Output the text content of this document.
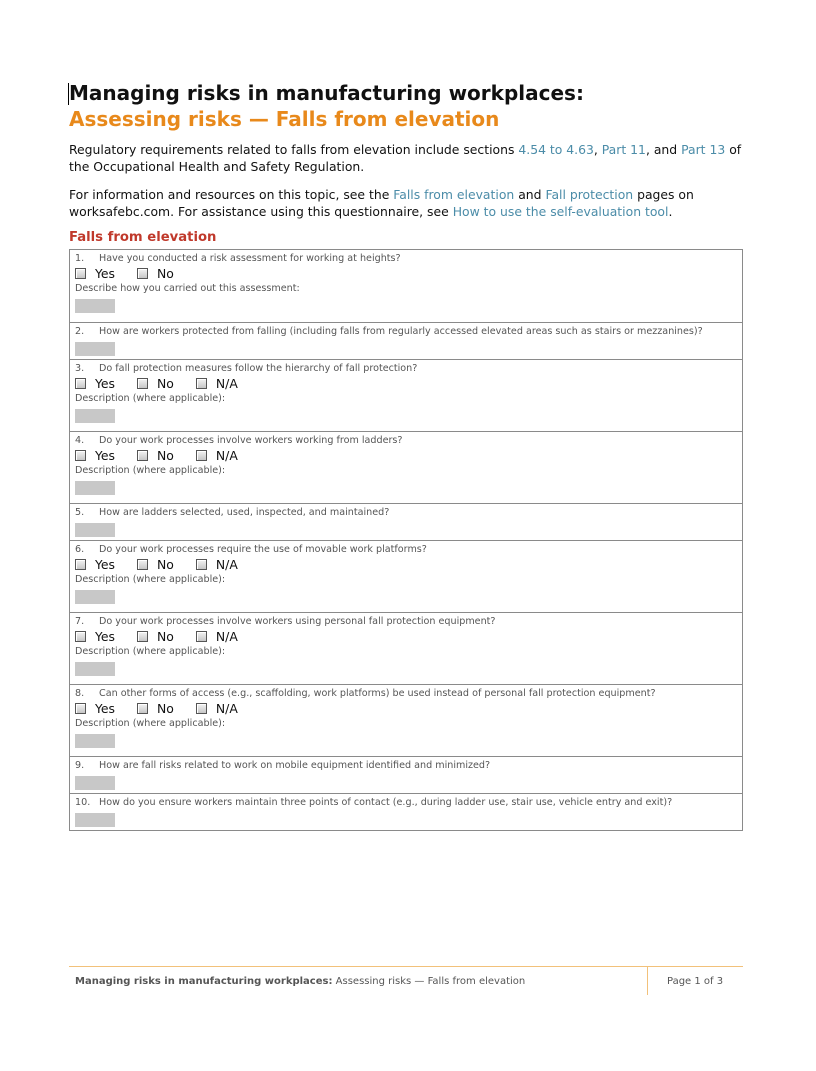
Managing risks in manufacturing workplaces:
Assessing risks — Falls from elevation

Regulatory requirements related to falls from elevation include sections 4.54 to 4.63, Part 11, and Part 13 of the Occupational Health and Safety Regulation.

For information and resources on this topic, see the Falls from elevation and Fall protection pages on worksafebc.com. For assistance using this questionnaire, see How to use the self-evaluation tool.

Falls from elevation
1. Have you conducted a risk assessment for working at heights?
Yes	No
Describe how you carried out this assessment:
2. How are workers protected from falling (including falls from regularly accessed elevated areas such as stairs or mezzanines)?
3. Do fall protection measures follow the hierarchy of fall protection?
Yes	No	N/A
Description (where applicable):
4. Do your work processes involve workers working from ladders?
Yes	No	N/A
Description (where applicable):
5. How are ladders selected, used, inspected, and maintained?
6. Do your work processes require the use of movable work platforms?
Yes	No	N/A
Description (where applicable):
7. Do your work processes involve workers using personal fall protection equipment?
Yes	No	N/A
Description (where applicable):
8. Can other forms of access (e.g., scaffolding, work platforms) be used instead of personal fall protection equipment?
Yes	No	N/A
Description (where applicable):
9. How are fall risks related to work on mobile equipment identified and minimized?
10. How do you ensure workers maintain three points of contact (e.g., during ladder use, stair use, vehicle entry and exit)?
Managing risks in manufacturing workplaces: Assessing risks — Falls from elevation	Page 1 of 3
